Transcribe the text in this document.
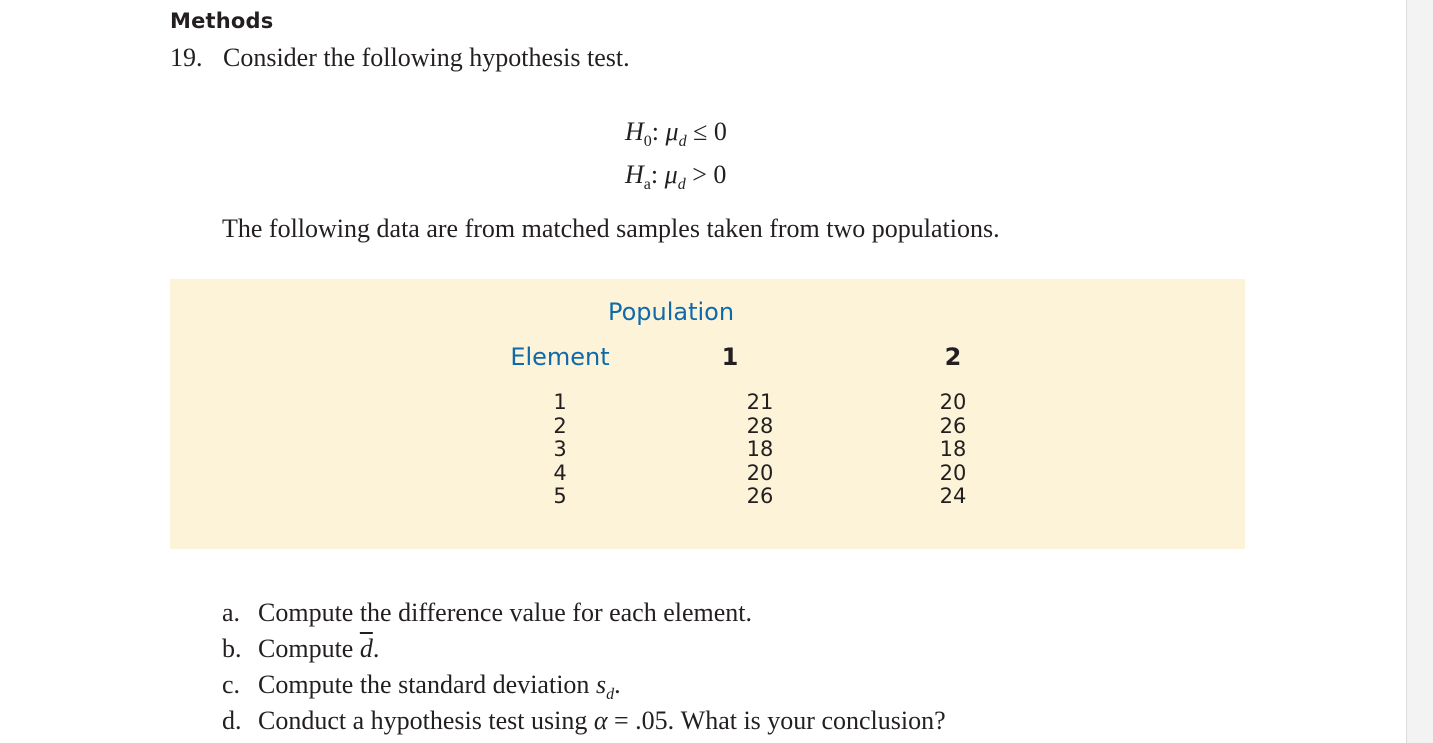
Methods
19. Consider the following hypothesis test.
$H_0$: $\mu_d \le 0$
$H_a$: $\mu_d > 0$
The following data are from matched samples taken from two populations.
Population
Element	1	2
1
2
3
4
5
21
28
18
20
26
20
26
18
20
24
a. Compute the difference value for each element.
b. Compute $\overline{d}$.
c. Compute the standard deviation $s_d$.
d. Conduct a hypothesis test using α = .05. What is your conclusion?
